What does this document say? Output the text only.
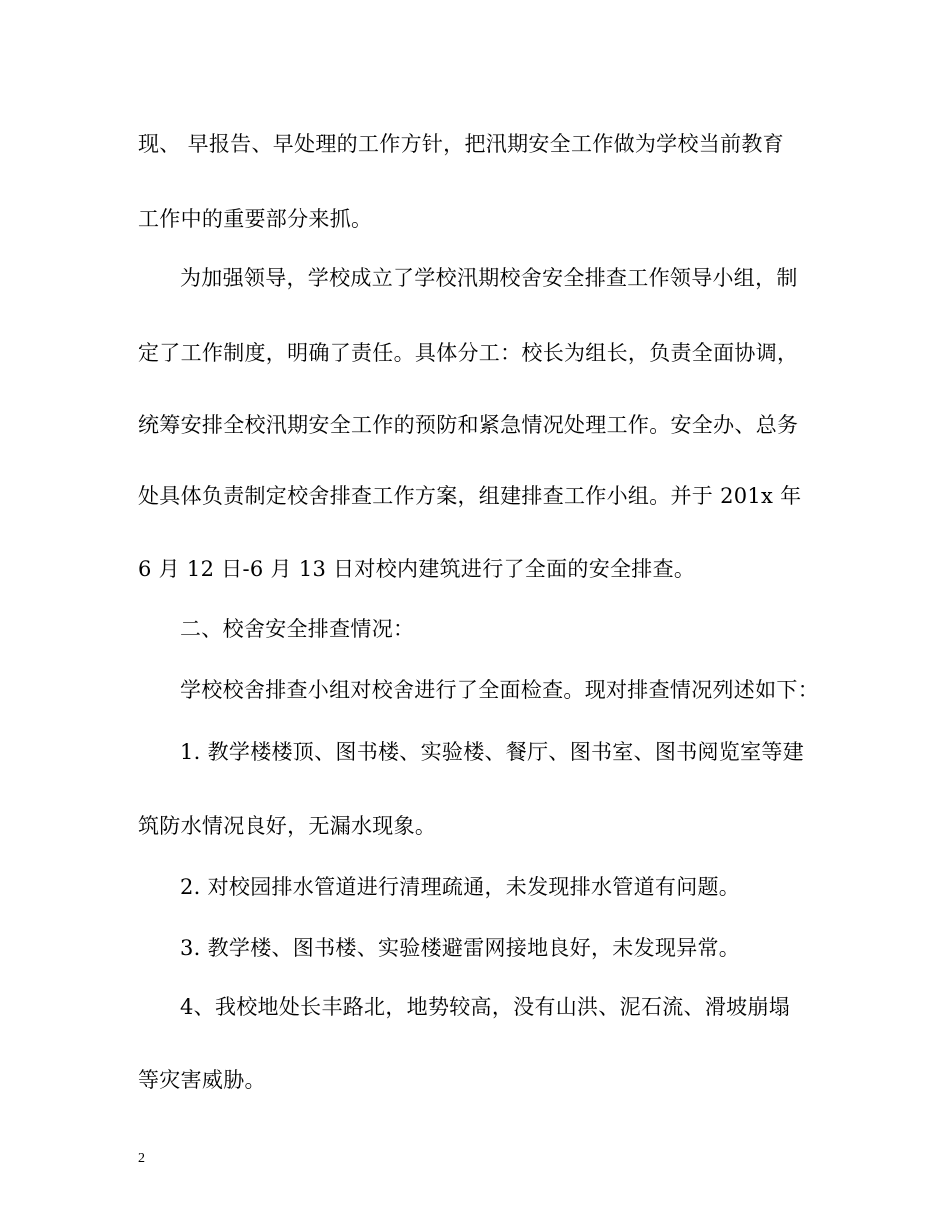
现、 早报告、早处理的工作方针，把汛期安全工作做为学校当前教育
工作中的重要部分来抓。
为加强领导，学校成立了学校汛期校舍安全排查工作领导小组，制
定了工作制度，明确了责任。具体分工：校长为组长，负责全面协调，
统筹安排全校汛期安全工作的预防和紧急情况处理工作。安全办、总务
处具体负责制定校舍排查工作方案，组建排查工作小组。并于 201x 年
6 月 12 日-6 月 13 日对校内建筑进行了全面的安全排查。
二、校舍安全排查情况：
学校校舍排查小组对校舍进行了全面检查。现对排查情况列述如下：
1. 教学楼楼顶、图书楼、实验楼、餐厅、图书室、图书阅览室等建
筑防水情况良好，无漏水现象。
2. 对校园排水管道进行清理疏通，未发现排水管道有问题。
3. 教学楼、图书楼、实验楼避雷网接地良好，未发现异常。
4、我校地处长丰路北，地势较高，没有山洪、泥石流、滑坡崩塌
等灾害威胁。
2
